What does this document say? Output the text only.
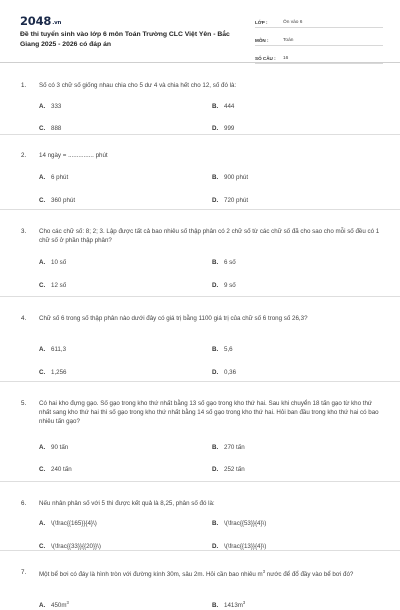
2048.vn
Đề thi tuyển sinh vào lớp 6 môn Toán Trường CLC Việt Yên - Bắc Giang 2025 - 2026 có đáp án
LỚP :	Ôn vào 6
MÔN :	Toán
SỐ CÂU :	16
1. Số có 3 chữ số giống nhau chia cho 5 dư 4 và chia hết cho 12, số đó là:
A. 333	B. 444
C. 888	D. 999
2. 14 ngày = ............... phút
A. 6 phút	B. 900 phút
C. 360 phút	D. 720 phút
3. Cho các chữ số: 8; 2; 3. Lập được tất cả bao nhiêu số thập phân có 2 chữ số từ các chữ số đã cho sao cho mỗi số đều có 1 chữ số ở phần thập phân?
A. 10 số	B. 6 số
C. 12 số	D. 9 số
4. Chữ số 6 trong số thập phân nào dưới đây có giá trị bằng 1100 giá trị của chữ số 6 trong số 26,3?
A. 611,3	B. 5,6
C. 1,256	D. 0,36
5. Có hai kho đựng gạo. Số gạo trong kho thứ nhất bằng 13 số gạo trong kho thứ hai. Sau khi chuyển 18 tấn gạo từ kho thứ nhất sang kho thứ hai thì số gạo trong kho thứ nhất bằng 14 số gạo trong kho thứ hai. Hỏi ban đầu trong kho thứ hai có bao nhiêu tấn gạo?
A. 90 tấn	B. 270 tấn
C. 240 tấn	D. 252 tấn
6. Nếu nhân phân số với 5 thì được kết quả là 8,25, phân số đó là:
A. \(\frac{{165}}{4}\)	B. \(\frac{{53}}{4}\)
C. \(\frac{{33}}{{20}}\)	D. \(\frac{{13}}{4}\)
7. Một bể bơi có đáy là hình tròn với đường kính 30m, sâu 2m. Hỏi cần bao nhiêu $m^3$ nước để đổ đầy vào bể bơi đó?
A. $450m^3$	B. $1413m^3$
